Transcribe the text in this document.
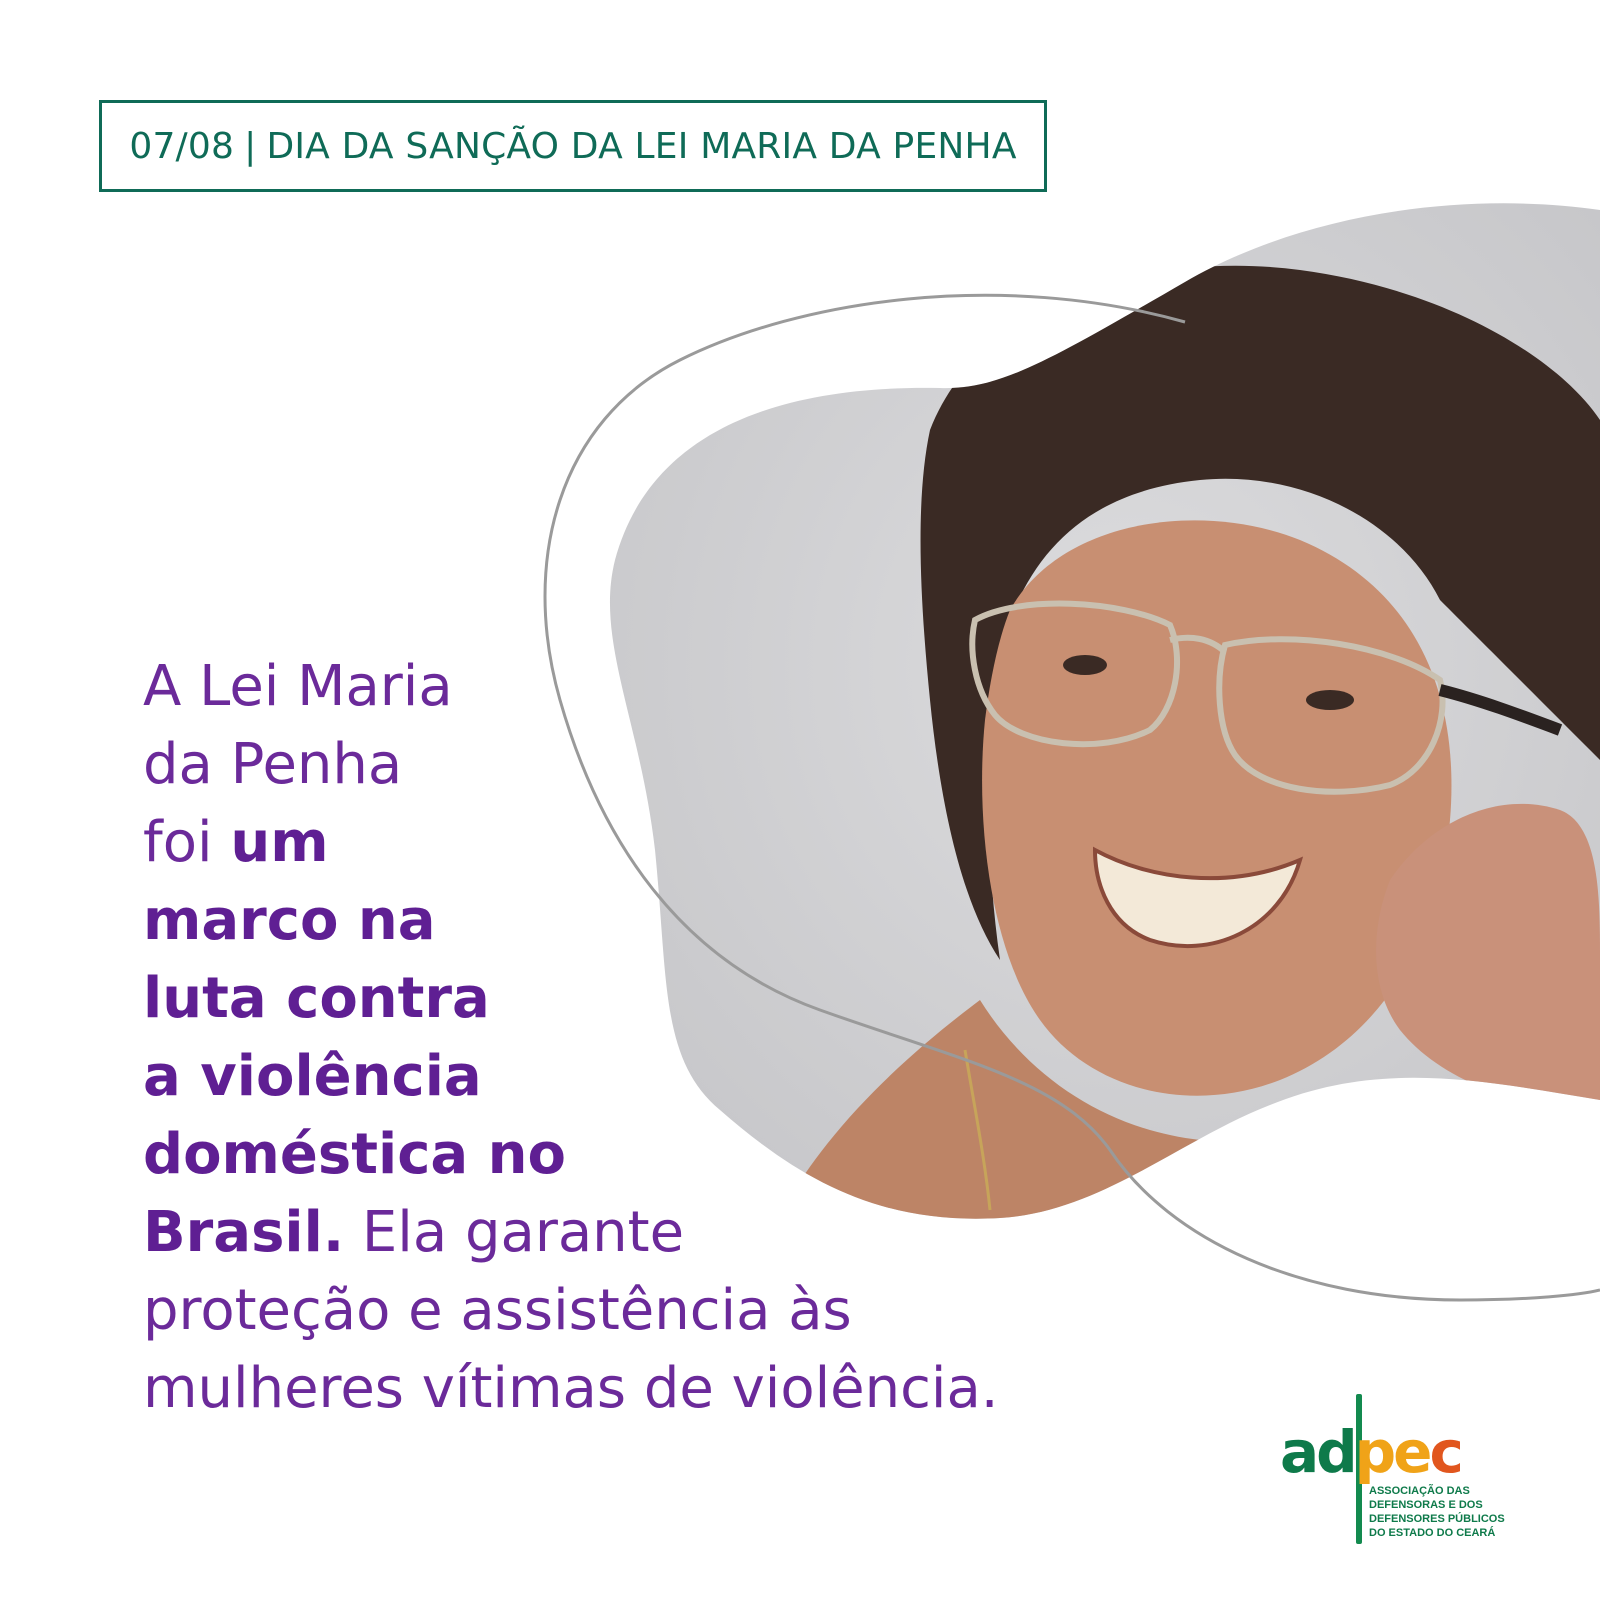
07/08 | DIA DA SANÇÃO DA LEI MARIA DA PENHA
A Lei Maria
da Penha
foi um
marco na
luta contra
a violência
doméstica no
Brasil. Ela garante
proteção e assistência às
mulheres vítimas de violência.
adpec
ASSOCIAÇÃO DAS
DEFENSORAS E DOS
DEFENSORES PÚBLICOS
DO ESTADO DO CEARÁ
